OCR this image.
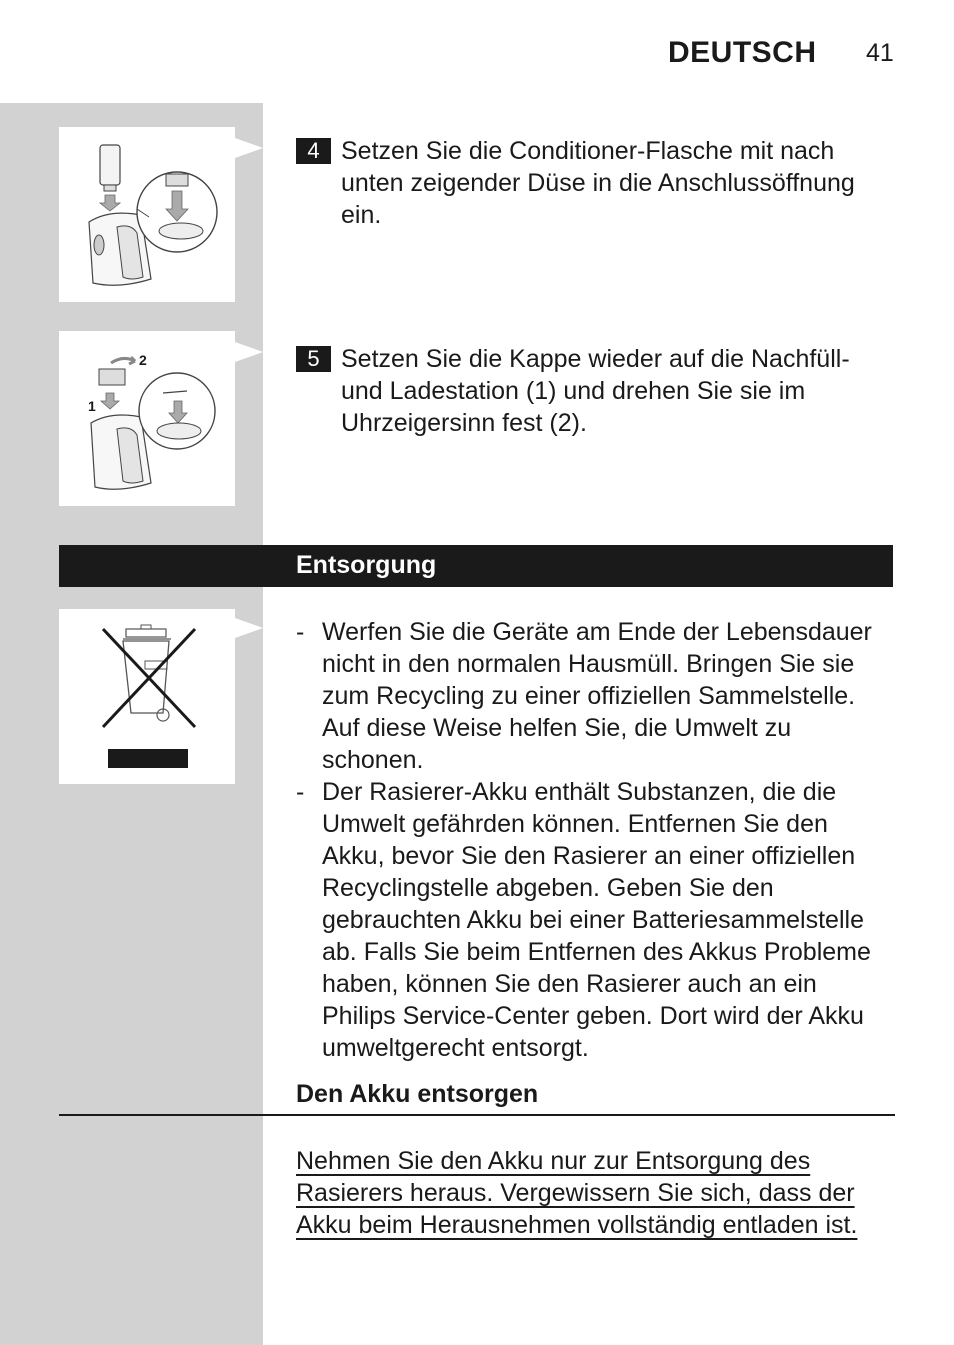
DEUTSCH 41
2
1
4 Setzen Sie die Conditioner-Flasche mit nach unten zeigender Düse in die Anschlussöffnung ein.
5 Setzen Sie die Kappe wieder auf die Nachfüll- und Ladestation (1) und drehen Sie sie im Uhrzeigersinn fest (2).
Entsorgung
- Werfen Sie die Geräte am Ende der Lebensdauer nicht in den normalen Hausmüll. Bringen Sie sie zum Recycling zu einer offiziellen Sammelstelle. Auf diese Weise helfen Sie, die Umwelt zu schonen.
- Der Rasierer-Akku enthält Substanzen, die die Umwelt gefährden können. Entfernen Sie den Akku, bevor Sie den Rasierer an einer offiziellen Recyclingstelle abgeben. Geben Sie den gebrauchten Akku bei einer Batteriesammelstelle ab. Falls Sie beim Entfernen des Akkus Probleme haben, können Sie den Rasierer auch an ein Philips Service-Center geben. Dort wird der Akku umweltgerecht entsorgt.
Den Akku entsorgen
Nehmen Sie den Akku nur zur Entsorgung des
Rasierers heraus. Vergewissern Sie sich, dass der
Akku beim Herausnehmen vollständig entladen ist.
